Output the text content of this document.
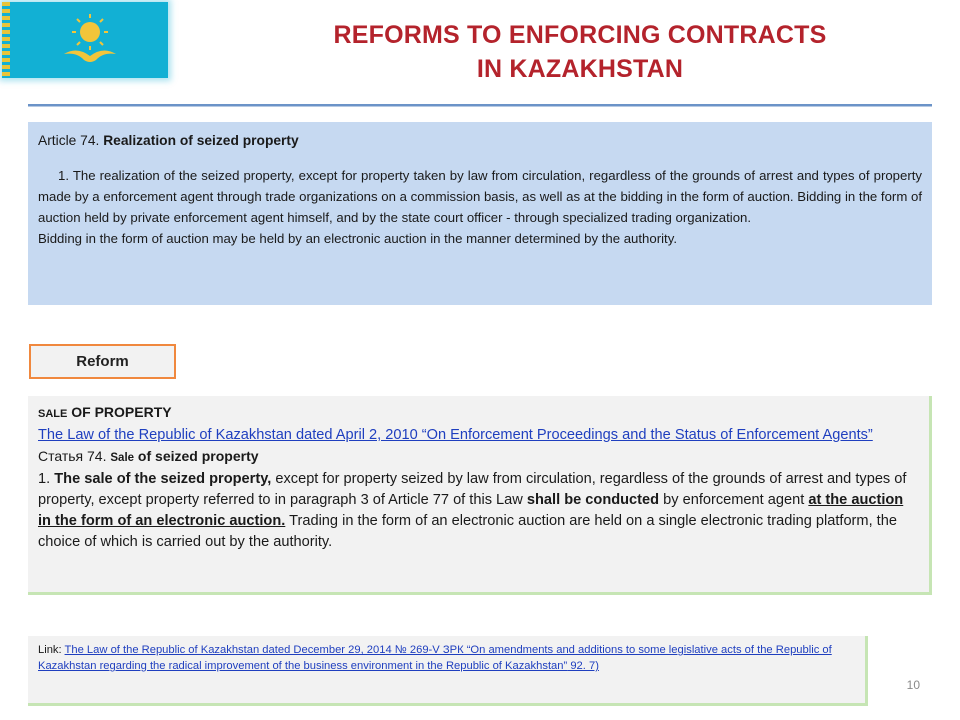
REFORMS TO ENFORCING CONTRACTS
IN KAZAKHSTAN
Article 74. Realization of seized property
1. The realization of the seized property, except for property taken by law from circulation, regardless of the grounds of arrest and types of property made by a enforcement agent through trade organizations on a commission basis, as well as at the bidding in the form of auction. Bidding in the form of auction held by private enforcement agent himself, and by the state court officer - through specialized trading organization.
Bidding in the form of auction may be held by an electronic auction in the manner determined by the authority.
Reform
SALE OF PROPERTY
The Law of the Republic of Kazakhstan dated April 2, 2010 “On Enforcement Proceedings and the Status of Enforcement Agents”
Статья 74. Sale of seized property
1. The sale of the seized property, except for property seized by law from circulation, regardless of the grounds of arrest and types of property, except property referred to in paragraph 3 of Article 77 of this Law shall be conducted by enforcement agent at the auction in the form of an electronic auction. Trading in the form of an electronic auction are held on a single electronic trading platform, the choice of which is carried out by the authority.
Link: The Law of the Republic of Kazakhstan dated December 29, 2014 № 269-V ЗРК “On amendments and additions to some legislative acts of the Republic of Kazakhstan regarding the radical improvement of the business environment in the Republic of Kazakhstan” 92. 7)
10
